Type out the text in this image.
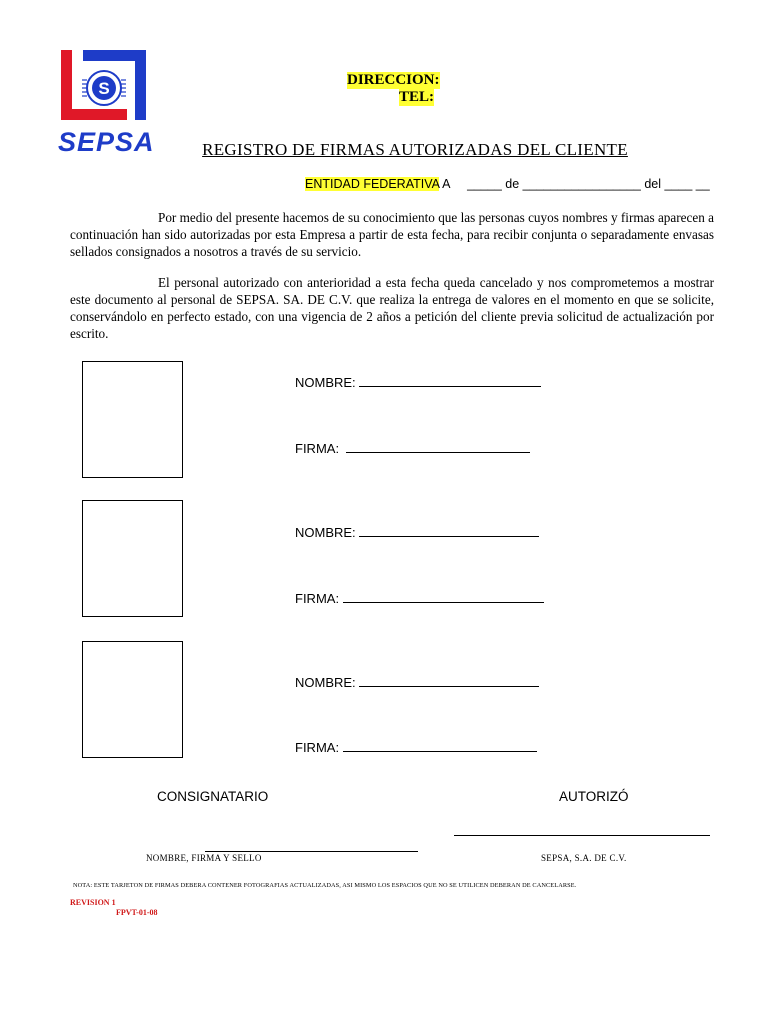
S
SEPSA
DIRECCION:
TEL:
REGISTRO DE FIRMAS AUTORIZADAS DEL CLIENTE
ENTIDAD FEDERATIVA A     _____ de _________________ del ____ __
Por medio del presente hacemos de su conocimiento que las personas cuyos nombres y firmas aparecen a continuación han sido autorizadas por esta Empresa a partir de esta fecha, para recibir conjunta o separadamente envasas sellados consignados a nosotros a través de su servicio.
El personal autorizado con anterioridad a esta fecha queda cancelado y nos comprometemos a mostrar este documento al personal de SEPSA. SA. DE C.V. que realiza la entrega de valores en el momento en que se solicite, conservándolo en perfecto estado, con una vigencia de 2 años a petición del cliente previa solicitud de actualización por escrito.
NOMBRE:
FIRMA:
NOMBRE:
FIRMA:
NOMBRE:
FIRMA:
CONSIGNATARIO	AUTORIZÓ
NOMBRE, FIRMA Y SELLO	SEPSA, S.A. DE C.V.
NOTA: ESTE TARJETON DE FIRMAS DEBERA CONTENER FOTOGRAFIAS ACTUALIZADAS, ASI MISMO LOS ESPACIOS QUE NO SE UTILICEN DEBERAN DE CANCELARSE.
REVISION 1
FPVT-01-08
